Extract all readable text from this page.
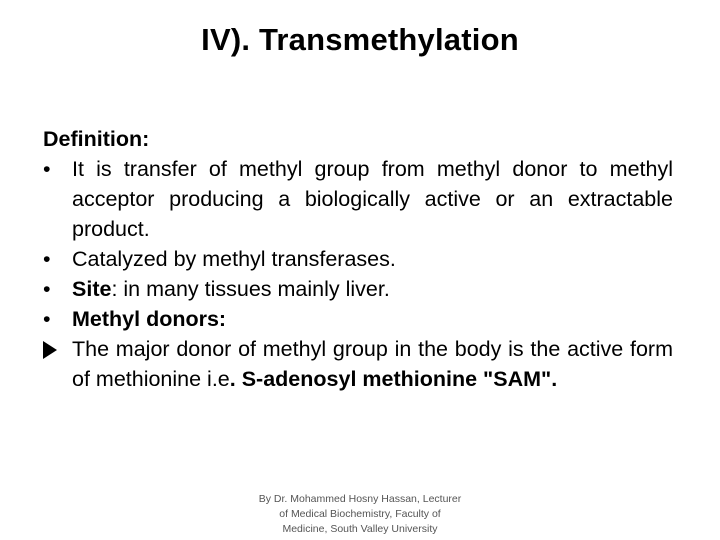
IV). Transmethylation

Definition:

• It is transfer of methyl group from methyl donor to methyl acceptor producing a biologically active or an extractable product.

• Catalyzed by methyl transferases.

• Site: in many tissues mainly liver.

• Methyl donors:

The major donor of methyl group in the body is the active form of methionine i.e. S-adenosyl methionine "SAM".

By Dr. Mohammed Hosny Hassan, Lecturer
of Medical Biochemistry, Faculty of
Medicine, South Valley University
